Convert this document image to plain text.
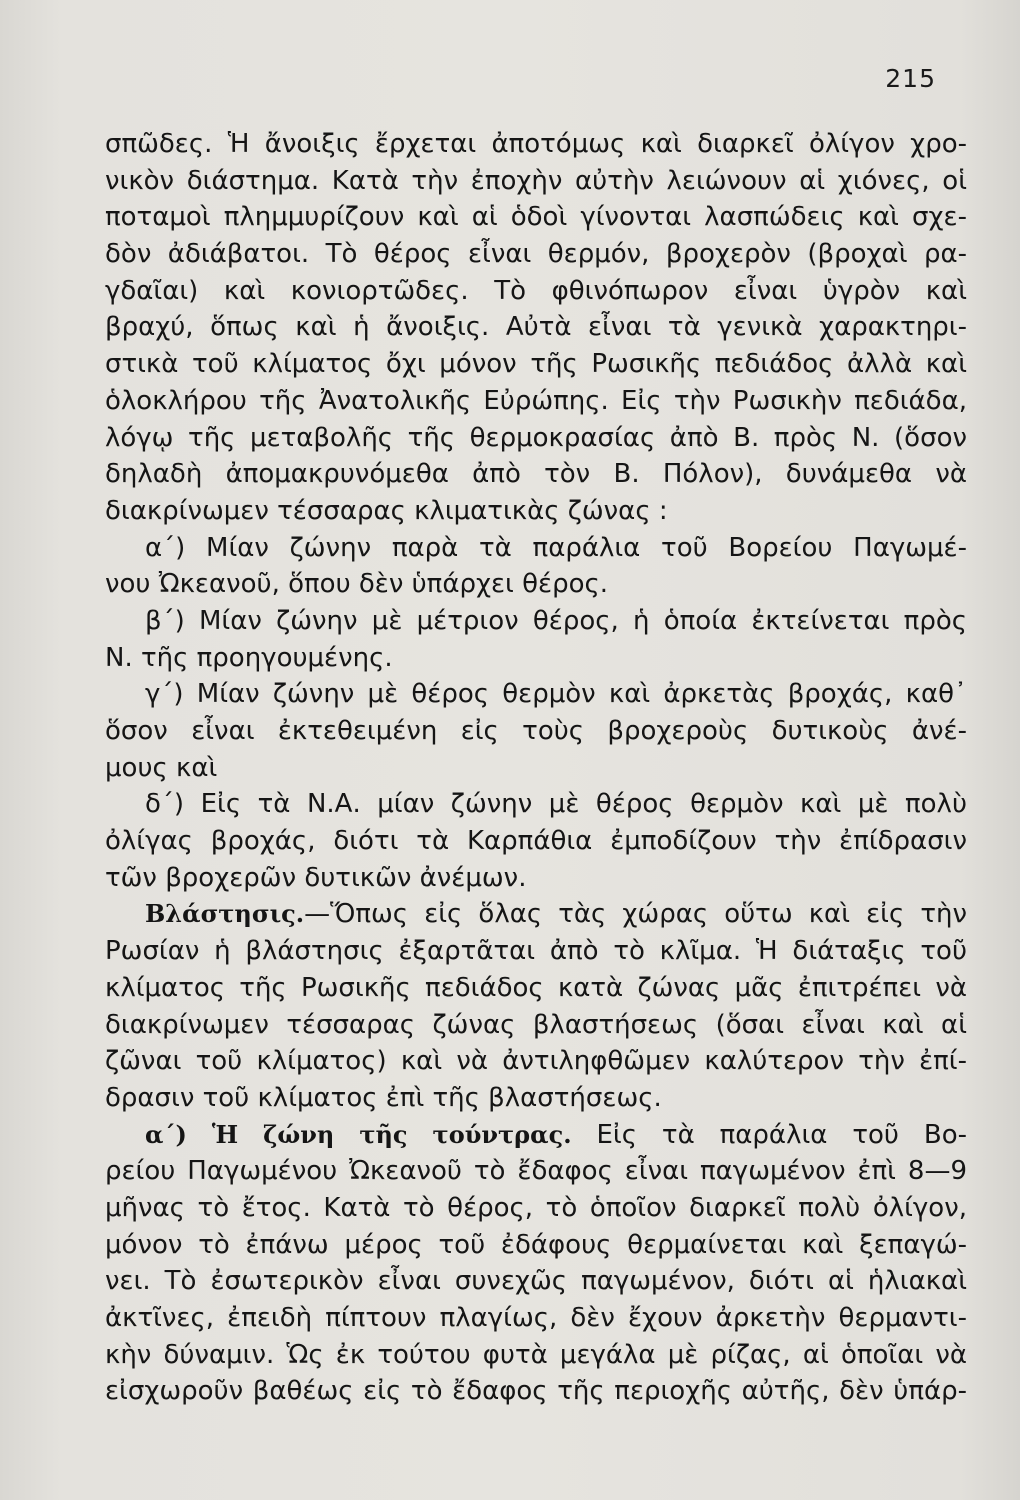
215
σπῶδες. Ἡ ἄνοιξις ἔρχεται ἀποτόμως καὶ διαρκεῖ ὀλίγον χρο-
νικὸν διάστημα. Κατὰ τὴν ἐποχὴν αὐτὴν λειώνουν αἱ χιόνες, οἱ
ποταμοὶ πλημμυρίζουν καὶ αἱ ὁδοὶ γίνονται λασπώδεις καὶ σχε-
δὸν ἀδιάβατοι. Τὸ θέρος εἶναι θερμόν, βροχερὸν (βροχαὶ ρα-
γδαῖαι) καὶ κονιορτῶδες. Τὸ φθινόπωρον εἶναι ὑγρὸν καὶ
βραχύ, ὅπως καὶ ἡ ἄνοιξις. Αὐτὰ εἶναι τὰ γενικὰ χαρακτηρι-
στικὰ τοῦ κλίματος ὄχι μόνον τῆς Ρωσικῆς πεδιάδος ἀλλὰ καὶ
ὁλοκλήρου τῆς Ἀνατολικῆς Εὐρώπης. Εἰς τὴν Ρωσικὴν πεδιάδα,
λόγῳ τῆς μεταβολῆς τῆς θερμοκρασίας ἀπὸ Β. πρὸς Ν. (ὅσον
δηλαδὴ ἀπομακρυνόμεθα ἀπὸ τὸν Β. Πόλον), δυνάμεθα νὰ
διακρίνωμεν τέσσαρας κλιματικὰς ζώνας :
α΄) Μίαν ζώνην παρὰ τὰ παράλια τοῦ Βορείου Παγωμέ-
νου Ὠκεανοῦ, ὅπου δὲν ὑπάρχει θέρος.
β΄) Μίαν ζώνην μὲ μέτριον θέρος, ἡ ὁποία ἐκτείνεται πρὸς
Ν. τῆς προηγουμένης.
γ΄) Μίαν ζώνην μὲ θέρος θερμὸν καὶ ἀρκετὰς βροχάς, καθ᾽
ὅσον εἶναι ἐκτεθειμένη εἰς τοὺς βροχεροὺς δυτικοὺς ἀνέ-
μους καὶ
δ΄) Εἰς τὰ Ν.Α. μίαν ζώνην μὲ θέρος θερμὸν καὶ μὲ πολὺ
ὀλίγας βροχάς, διότι τὰ Καρπάθια ἐμποδίζουν τὴν ἐπίδρασιν
τῶν βροχερῶν δυτικῶν ἀνέμων.
Βλάστησις.—Ὅπως εἰς ὅλας τὰς χώρας οὕτω καὶ εἰς τὴν
Ρωσίαν ἡ βλάστησις ἐξαρτᾶται ἀπὸ τὸ κλῖμα. Ἡ διάταξις τοῦ
κλίματος τῆς Ρωσικῆς πεδιάδος κατὰ ζώνας μᾶς ἐπιτρέπει νὰ
διακρίνωμεν τέσσαρας ζώνας βλαστήσεως (ὅσαι εἶναι καὶ αἱ
ζῶναι τοῦ κλίματος) καὶ νὰ ἀντιληφθῶμεν καλύτερον τὴν ἐπί-
δρασιν τοῦ κλίματος ἐπὶ τῆς βλαστήσεως.
α΄) Ἡ ζώνη τῆς τούντρας. Εἰς τὰ παράλια τοῦ Βο-
ρείου Παγωμένου Ὠκεανοῦ τὸ ἔδαφος εἶναι παγωμένον ἐπὶ 8—9
μῆνας τὸ ἔτος. Κατὰ τὸ θέρος, τὸ ὁποῖον διαρκεῖ πολὺ ὀλίγον,
μόνον τὸ ἐπάνω μέρος τοῦ ἐδάφους θερμαίνεται καὶ ξεπαγώ-
νει. Τὸ ἐσωτερικὸν εἶναι συνεχῶς παγωμένον, διότι αἱ ἡλιακαὶ
ἀκτῖνες, ἐπειδὴ πίπτουν πλαγίως, δὲν ἔχουν ἀρκετὴν θερμαντι-
κὴν δύναμιν. Ὡς ἐκ τούτου φυτὰ μεγάλα μὲ ρίζας, αἱ ὁποῖαι νὰ
εἰσχωροῦν βαθέως εἰς τὸ ἔδαφος τῆς περιοχῆς αὐτῆς, δὲν ὑπάρ-
